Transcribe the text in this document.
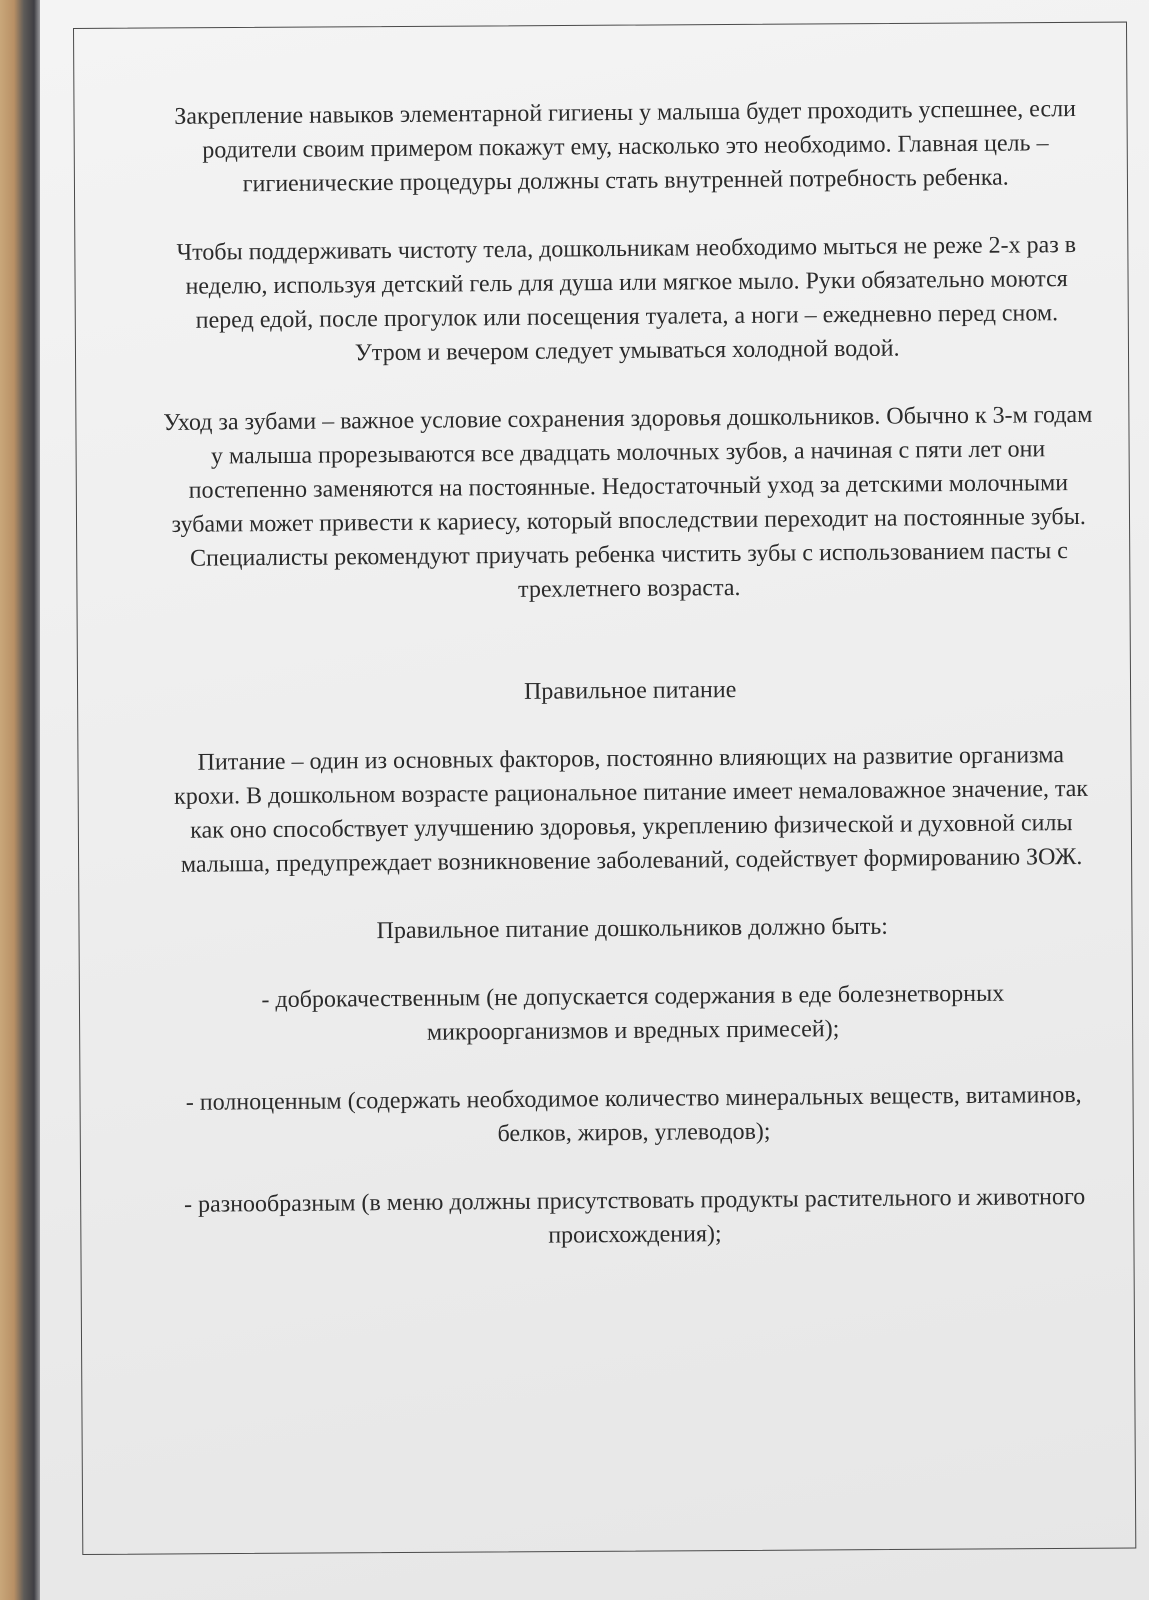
Закрепление навыков элементарной гигиены у малыша будет проходить успешнее, если родители своим примером покажут ему, насколько это необходимо. Главная цель – гигиенические процедуры должны стать внутренней потребность ребенка.

Чтобы поддерживать чистоту тела, дошкольникам необходимо мыться не реже 2-х раз в неделю, используя детский гель для душа или мягкое мыло. Руки обязательно моются перед едой, после прогулок или посещения туалета, а ноги – ежедневно перед сном. Утром и вечером следует умываться холодной водой.

Уход за зубами – важное условие сохранения здоровья дошкольников. Обычно к 3-м годам у малыша прорезываются все двадцать молочных зубов, а начиная с пяти лет они постепенно заменяются на постоянные. Недостаточный уход за детскими молочными зубами может привести к кариесу, который впоследствии переходит на постоянные зубы. Специалисты рекомендуют приучать ребенка чистить зубы с использованием пасты с трехлетнего возраста.

Правильное питание

Питание – один из основных факторов, постоянно влияющих на развитие организма крохи. В дошкольном возрасте рациональное питание имеет немаловажное значение, так как оно способствует улучшению здоровья, укреплению физической и духовной силы малыша, предупреждает возникновение заболеваний, содействует формированию ЗОЖ.

Правильное питание дошкольников должно быть:

- доброкачественным (не допускается содержания в еде болезнетворных микроорганизмов и вредных примесей);

- полноценным (содержать необходимое количество минеральных веществ, витаминов, белков, жиров, углеводов);

- разнообразным (в меню должны присутствовать продукты растительного и животного происхождения);
